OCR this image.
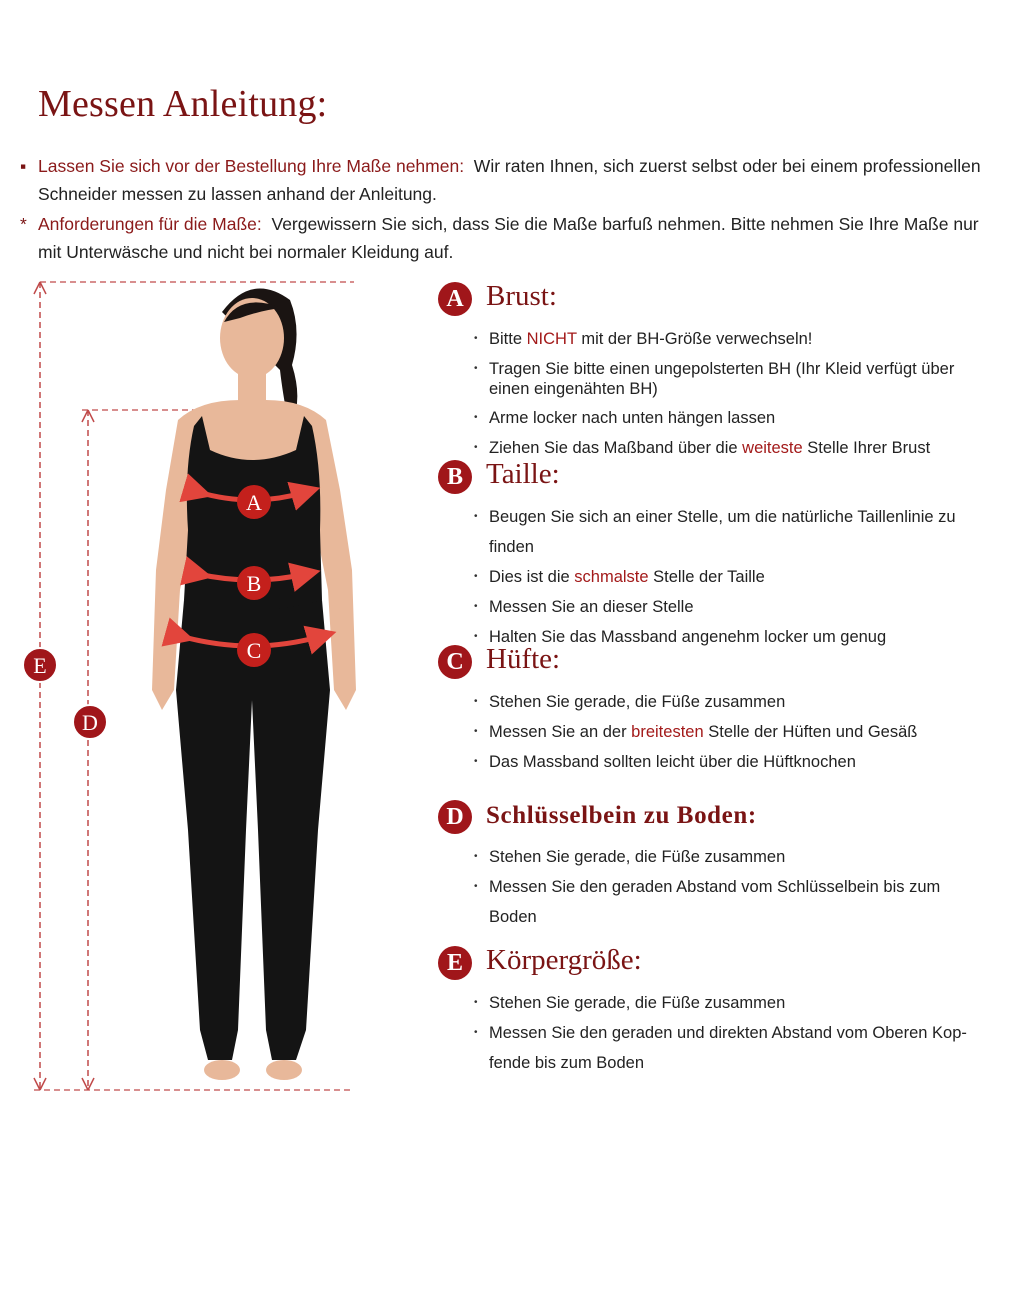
Messen Anleitung:
▪ Lassen Sie sich vor der Bestellung Ihre Maße nehmen: Wir raten Ihnen, sich zuerst selbst oder bei einem professionellen Schneider messen zu lassen anhand der Anleitung.

* Anforderungen für die Maße: Vergewissern Sie sich, dass Sie die Maße barfuß nehmen. Bitte nehmen Sie Ihre Maße nur mit Unterwäsche und nicht bei normaler Kleidung auf.

A
B
C
E
D
A Brust:
• Bitte NICHT mit der BH-Größe verwechseln!
• Tragen Sie bitte einen ungepolsterten BH (Ihr Kleid verfügt über einen eingenähten BH)
• Arme locker nach unten hängen lassen
• Ziehen Sie das Maßband über die weiteste Stelle Ihrer Brust
B Taille:
• Beugen Sie sich an einer Stelle, um die natürliche Taillenlinie zu finden
• Dies ist die schmalste Stelle der Taille
• Messen Sie an dieser Stelle
• Halten Sie das Massband angenehm locker um genug
C Hüfte:
• Stehen Sie gerade, die Füße zusammen
• Messen Sie an der breitesten Stelle der Hüften und Gesäß
• Das Massband sollten leicht über die Hüftknochen
D Schlüsselbein zu Boden:
• Stehen Sie gerade, die Füße zusammen
• Messen Sie den geraden Abstand vom Schlüsselbein bis zum Boden
E Körpergröße:
• Stehen Sie gerade, die Füße zusammen
• Messen Sie den geraden und direkten Abstand vom Oberen Kop-fende bis zum Boden
